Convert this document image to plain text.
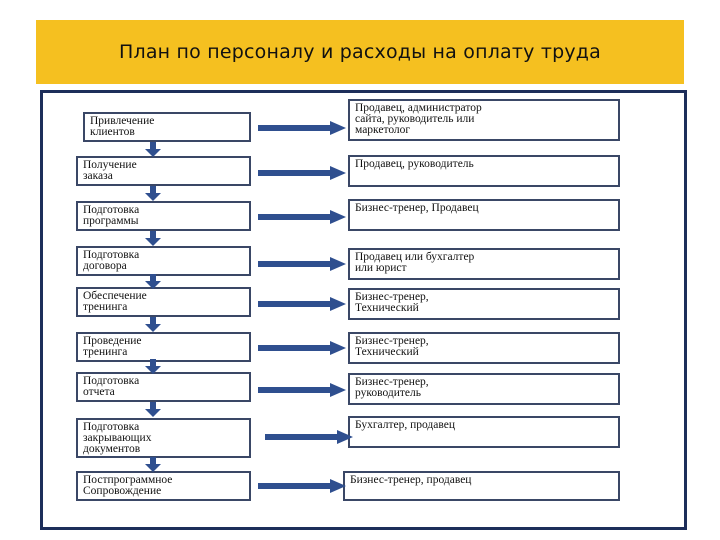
План по персоналу и расходы на оплату труда
Привлечение
клиентов
Получение
заказа
Подготовка
программы
Подготовка
договора
Обеспечение
тренинга
Проведение
тренинга
Подготовка
отчета
Подготовка
закрывающих
документов
Постпрограммное
Сопровождение
Продавец, администратор
сайта, руководитель или
маркетолог
Продавец, руководитель
Бизнес-тренер, Продавец
Продавец или бухгалтер
или юрист
Бизнес-тренер,
Технический
Бизнес-тренер,
Технический
Бизнес-тренер,
руководитель
Бухгалтер, продавец
Бизнес-тренер, продавец
